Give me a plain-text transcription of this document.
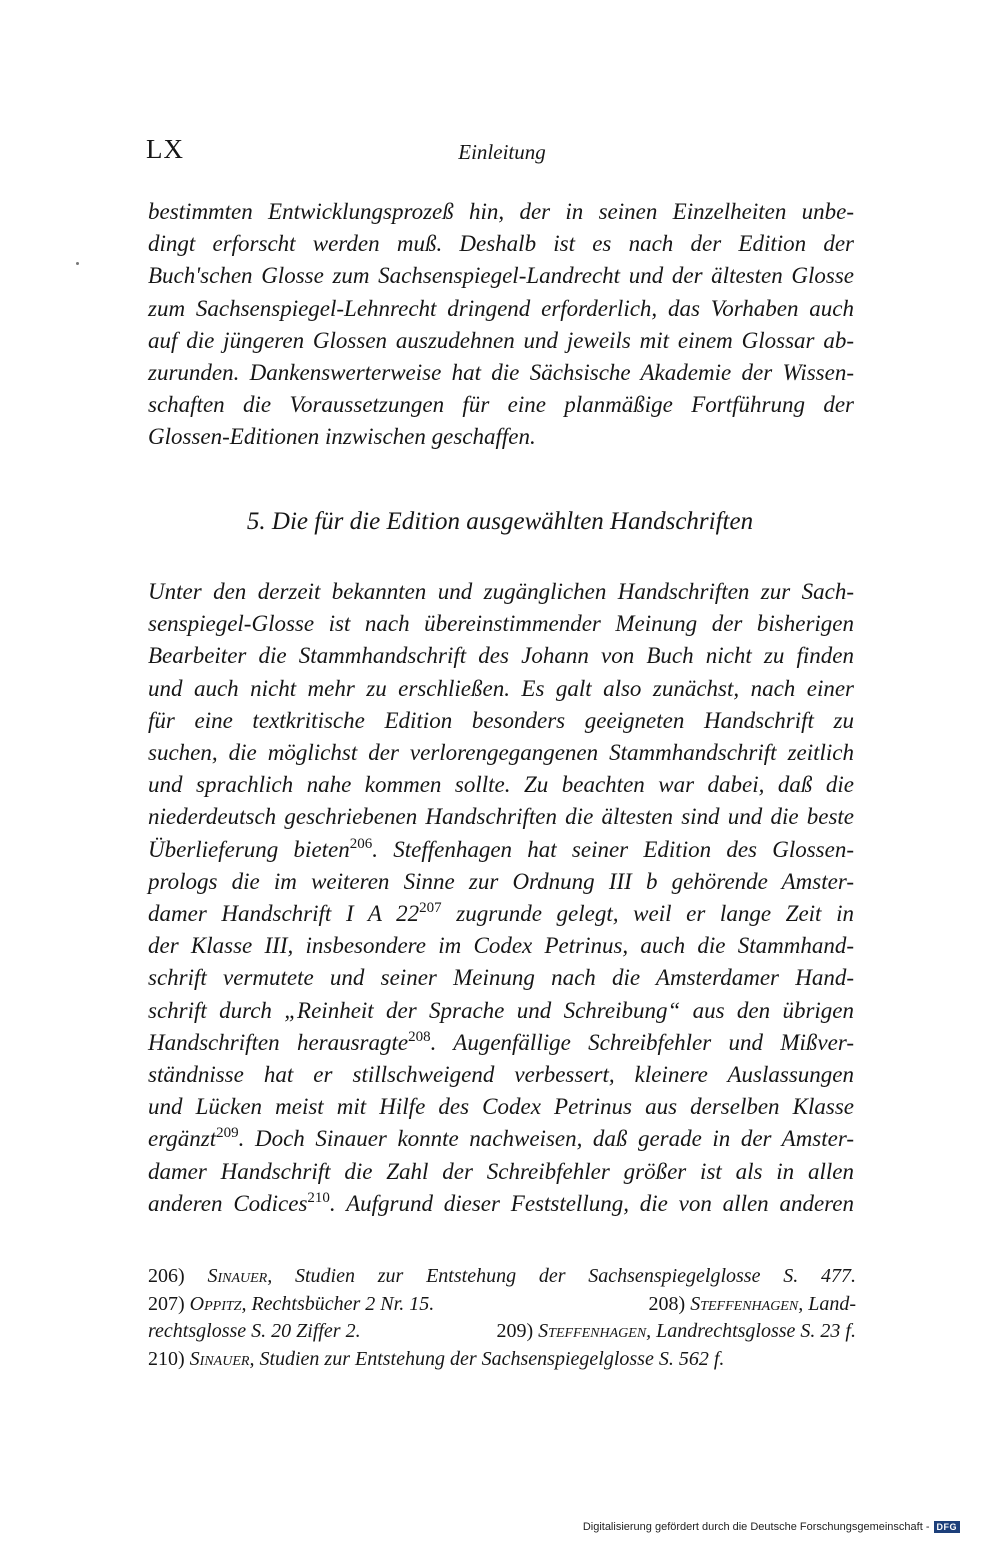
LX	Einleitung
bestimmten Entwicklungsprozeß hin, der in seinen Einzelheiten unbe-
dingt erforscht werden muß. Deshalb ist es nach der Edition der
Buch'schen Glosse zum Sachsenspiegel-Landrecht und der ältesten Glosse
zum Sachsenspiegel-Lehnrecht dringend erforderlich, das Vorhaben auch
auf die jüngeren Glossen auszudehnen und jeweils mit einem Glossar ab-
zurunden. Dankenswerterweise hat die Sächsische Akademie der Wissen-
schaften die Voraussetzungen für eine planmäßige Fortführung der
Glossen-Editionen inzwischen geschaffen.
5. Die für die Edition ausgewählten Handschriften
Unter den derzeit bekannten und zugänglichen Handschriften zur Sach-
senspiegel-Glosse ist nach übereinstimmender Meinung der bisherigen
Bearbeiter die Stammhandschrift des Johann von Buch nicht zu finden
und auch nicht mehr zu erschließen. Es galt also zunächst, nach einer
für eine textkritische Edition besonders geeigneten Handschrift zu
suchen, die möglichst der verlorengegangenen Stammhandschrift zeitlich
und sprachlich nahe kommen sollte. Zu beachten war dabei, daß die
niederdeutsch geschriebenen Handschriften die ältesten sind und die beste
Überlieferung bieten$^{206}$. Steffenhagen hat seiner Edition des Glossen-
prologs die im weiteren Sinne zur Ordnung III b gehörende Amster-
damer Handschrift I A $22^{207}$ zugrunde gelegt, weil er lange Zeit in
der Klasse III, insbesondere im Codex Petrinus, auch die Stammhand-
schrift vermutete und seiner Meinung nach die Amsterdamer Hand-
schrift durch „Reinheit der Sprache und Schreibung“ aus den übrigen
Handschriften herausragte$^{208}$. Augenfällige Schreibfehler und Mißver-
ständnisse hat er stillschweigend verbessert, kleinere Auslassungen
und Lücken meist mit Hilfe des Codex Petrinus aus derselben Klasse
ergänzt$^{209}$. Doch Sinauer konnte nachweisen, daß gerade in der Amster-
damer Handschrift die Zahl der Schreibfehler größer ist als in allen
anderen Codices$^{210}$. Aufgrund dieser Feststellung, die von allen anderen
206) Sinauer, Studien zur Entstehung der Sachsenspiegelglosse S. 477.
207) Oppitz, Rechtsbücher 2 Nr. 15.	208) Steffenhagen, Land-
rechtsglosse S. 20 Ziffer 2.	209) Steffenhagen, Landrechtsglosse S. 23 f.
210) Sinauer, Studien zur Entstehung der Sachsenspiegelglosse S. 562 f.
Digitalisierung gefördert durch die Deutsche Forschungsgemeinschaft - DFG
